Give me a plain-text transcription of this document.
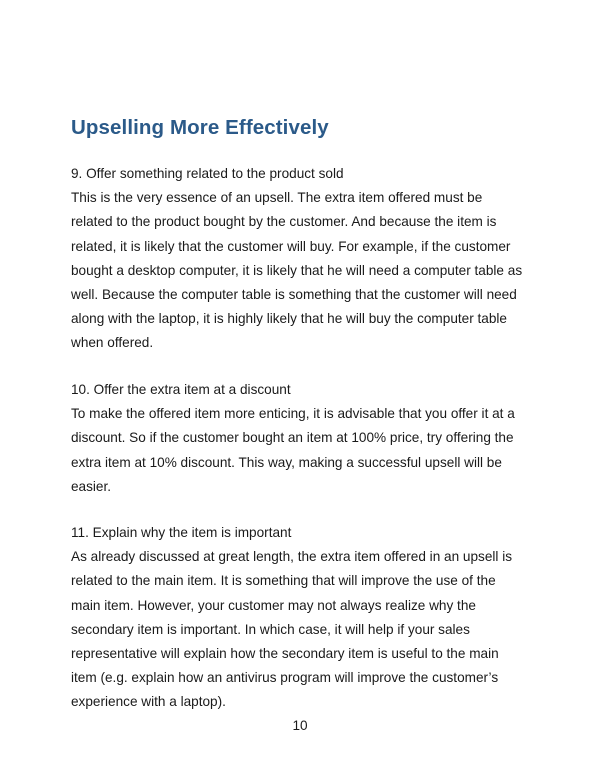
Upselling More Effectively
9. Offer something related to the product sold
This is the very essence of an upsell. The extra item offered must be
related to the product bought by the customer. And because the item is
related, it is likely that the customer will buy. For example, if the customer
bought a desktop computer, it is likely that he will need a computer table as
well. Because the computer table is something that the customer will need
along with the laptop, it is highly likely that he will buy the computer table
when offered.
10. Offer the extra item at a discount
To make the offered item more enticing, it is advisable that you offer it at a
discount. So if the customer bought an item at 100% price, try offering the
extra item at 10% discount. This way, making a successful upsell will be
easier.
11. Explain why the item is important
As already discussed at great length, the extra item offered in an upsell is
related to the main item. It is something that will improve the use of the
main item. However, your customer may not always realize why the
secondary item is important. In which case, it will help if your sales
representative will explain how the secondary item is useful to the main
item (e.g. explain how an antivirus program will improve the customer’s
experience with a laptop).
10
